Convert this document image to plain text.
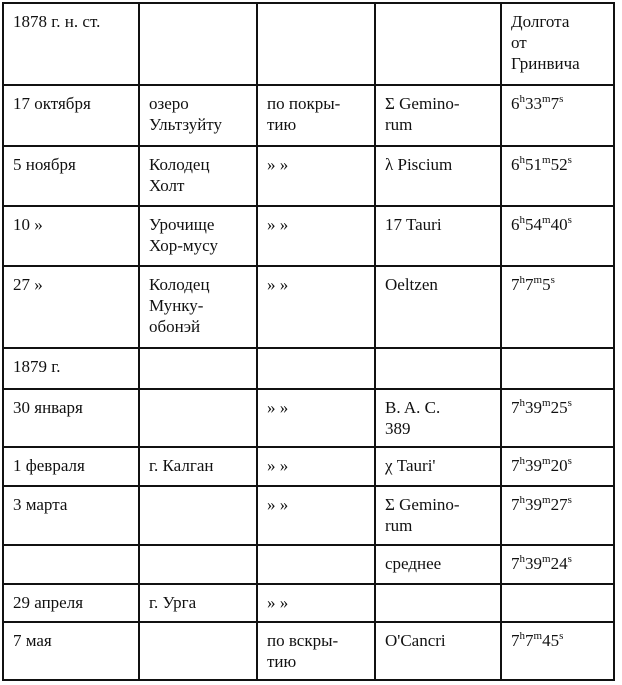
1878 г. н. ст.				Долгота
от
Гринвича

17 октября	озеро
Ультзуйту	по покры-
тию	Σ Gemino-
rum	6$^h$33$^m$7$^s$

5 ноября	Колодец
Холт	» »	λ Piscium	6$^h$51$^m$52$^s$

10 »	Урочище
Хор-мусу	» »	17 Tauri	6$^h$54$^m$40$^s$

27 »	Колодец
Мунку-
обонэй	» »	Oeltzen	7$^h$7$^m$5$^s$

1879 г.				

30 января		» »	B. A. C.
389	7$^h$39$^m$25$^s$

1 февраля	г. Калган	» »	χ Tauri'	7$^h$39$^m$20$^s$

3 марта		» »	Σ Gemino-
rum	7$^h$39$^m$27$^s$

			среднее	7$^h$39$^m$24$^s$

29 апреля	г. Урга	» »		

7 мая		по вскры-
тию	O'Cancri	7$^h$7$^m$45$^s$
